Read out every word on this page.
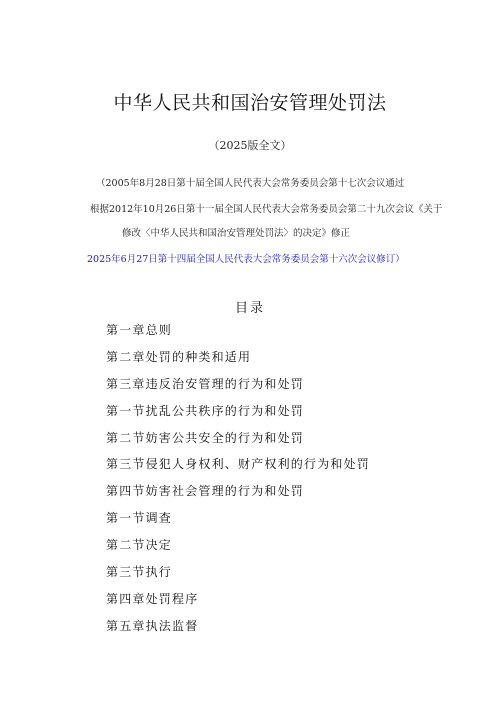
中华人民共和国治安管理处罚法
（2025版全文）
（2005年8月28日第十届全国人民代表大会常务委员会第十七次会议通过
根据2012年10月26日第十一届全国人民代表大会常务委员会第二十九次会议《关于
修改〈中华人民共和国治安管理处罚法〉的决定》修正
2025年6月27日第十四届全国人民代表大会常务委员会第十六次会议修订）
目录
第一章总则
第二章处罚的种类和适用
第三章违反治安管理的行为和处罚
第一节扰乱公共秩序的行为和处罚
第二节妨害公共安全的行为和处罚
第三节侵犯人身权利、财产权利的行为和处罚
第四节妨害社会管理的行为和处罚
第一节调查
第二节决定
第三节执行
第四章处罚程序
第五章执法监督
